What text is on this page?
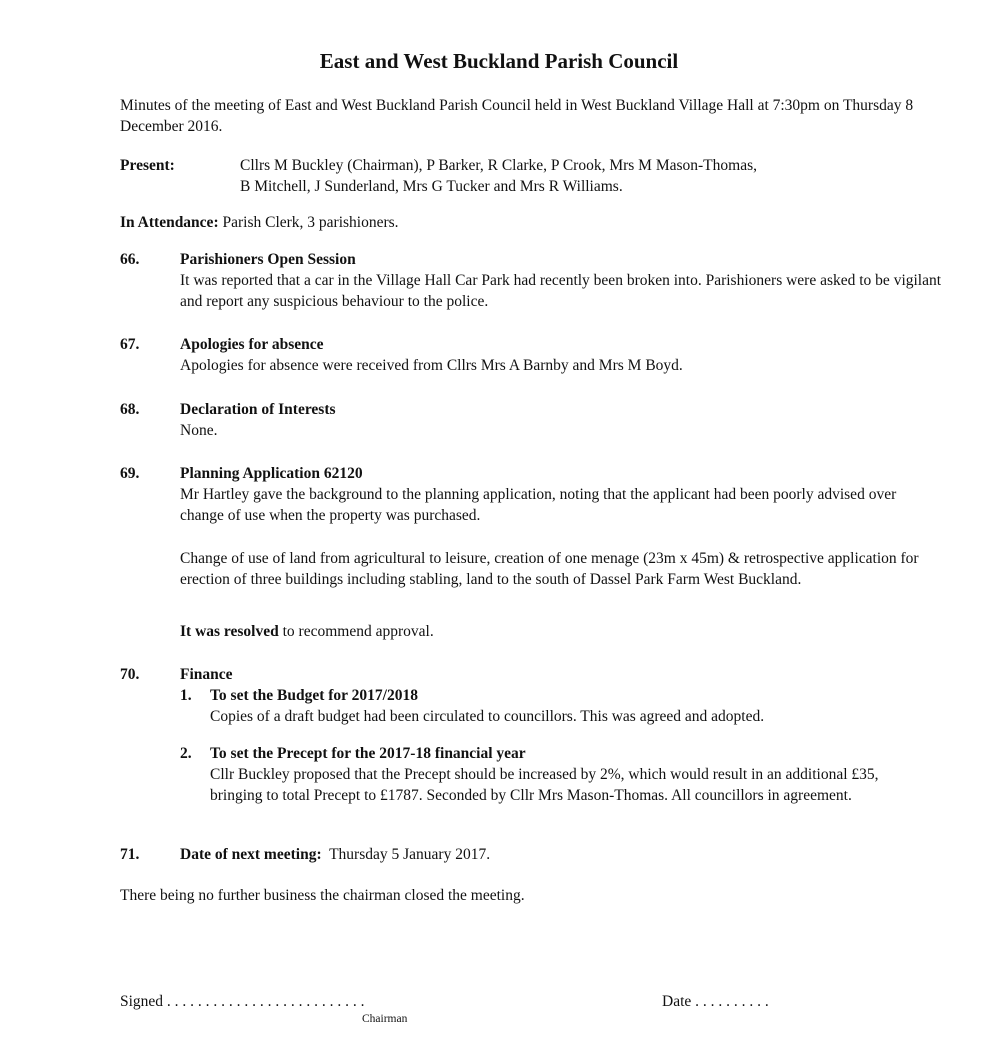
East and West Buckland Parish Council

Minutes of the meeting of East and West Buckland Parish Council held in West Buckland Village Hall at 7:30pm on Thursday 8 December 2016.

Present:	Cllrs M Buckley (Chairman), P Barker, R Clarke, P Crook, Mrs M Mason-Thomas,
B Mitchell, J Sunderland, Mrs G Tucker and Mrs R Williams.

In Attendance: Parish Clerk, 3 parishioners.

66.	Parishioners Open Session

It was reported that a car in the Village Hall Car Park had recently been broken into. Parishioners were asked to be vigilant and report any suspicious behaviour to the police.

67.	Apologies for absence

Apologies for absence were received from Cllrs Mrs A Barnby and Mrs M Boyd.

68.	Declaration of Interests

None.

69.	Planning Application 62120

Mr Hartley gave the background to the planning application, noting that the applicant had been poorly advised over change of use when the property was purchased.

Change of use of land from agricultural to leisure, creation of one menage (23m x 45m) & retrospective application for erection of three buildings including stabling, land to the south of Dassel Park Farm West Buckland.

It was resolved to recommend approval.

70.	Finance

1. To set the Budget for 2017/2018

Copies of a draft budget had been circulated to councillors. This was agreed and adopted.

2. To set the Precept for the 2017-18 financial year

Cllr Buckley proposed that the Precept should be increased by 2%, which would result in an additional £35, bringing to total Precept to £1787. Seconded by Cllr Mrs Mason-Thomas. All councillors in agreement.

71.	Date of next meeting:  Thursday 5 January 2017.

There being no further business the chairman closed the meeting.

Signed . . . . . . . . . . . . . . . . . . . . . . . . . .
Chairman
Date . . . . . . . . . .
